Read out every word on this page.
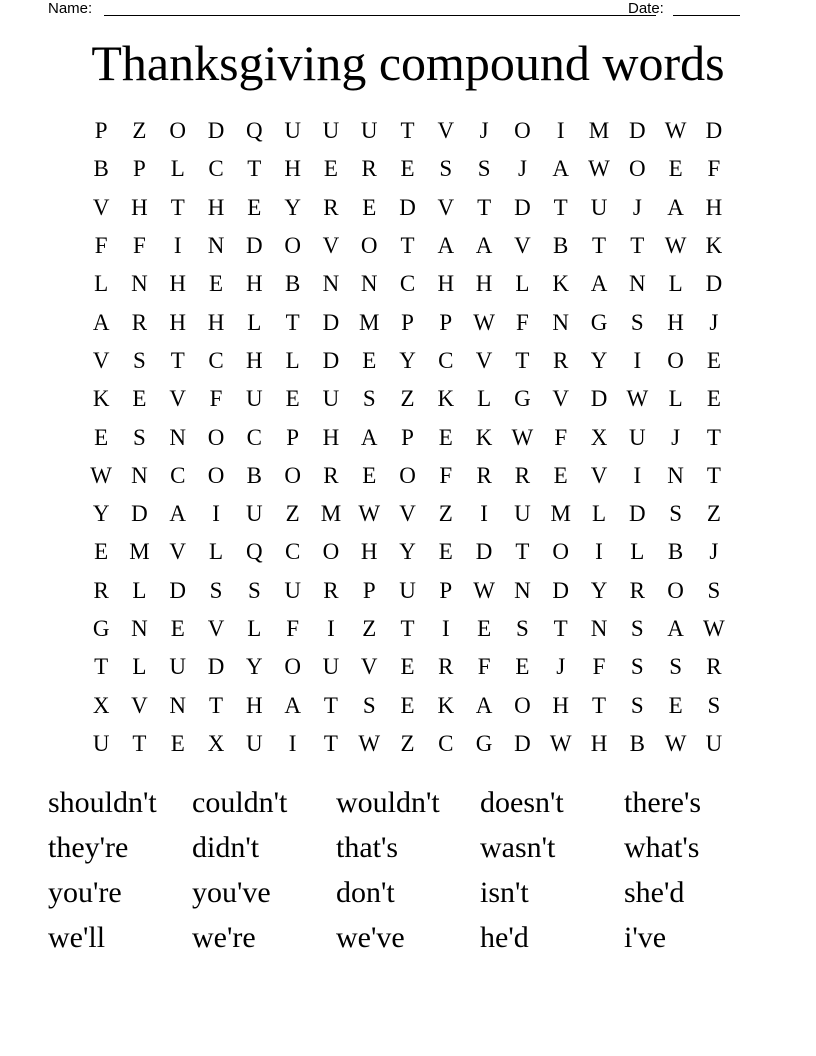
Name:	Date:
Thanksgiving compound words
P	Z O D Q U U U T V	J	O	I	M D W D
B	P	L	C	T H E	R	E	S	S	J	A W O E	F
V H T H E Y R	E D V T D T U	J	A H
F	F	I	N D O V O T A A V B	T	T W K
L N H E H B N N C H H L K A N L D
A R H H L	T D M P	P W F	N G	S	H	J
V	S	T	C H L D E Y C V T	R Y	I	O E
K E V	F	U E U	S	Z K L G V D W L	E
E	S	N O C	P	H A	P	E K W F	X U	J	T
W N C O B O R	E O	F	R R	E V	I	N T
Y D A	I	U Z M W V Z	I	U M L D	S	Z
E M V L Q C O H Y E D T O	I	L	B	J
R	L D	S	S	U R	P	U	P W N D Y R O	S
G N E V L	F	I	Z	T	I	E	S	T N	S	A W
T	L U D Y O U V E	R	F	E	J	F	S	S	R
X V N T H A T	S	E K A O H T	S	E	S
U T	E X U	I	T W Z	C G D W H B W U
shouldn't	couldn't	wouldn't	doesn't	there's
they're	didn't	that's	wasn't	what's
you're	you've	don't	isn't	she'd
we'll	we're	we've	he'd	i've
